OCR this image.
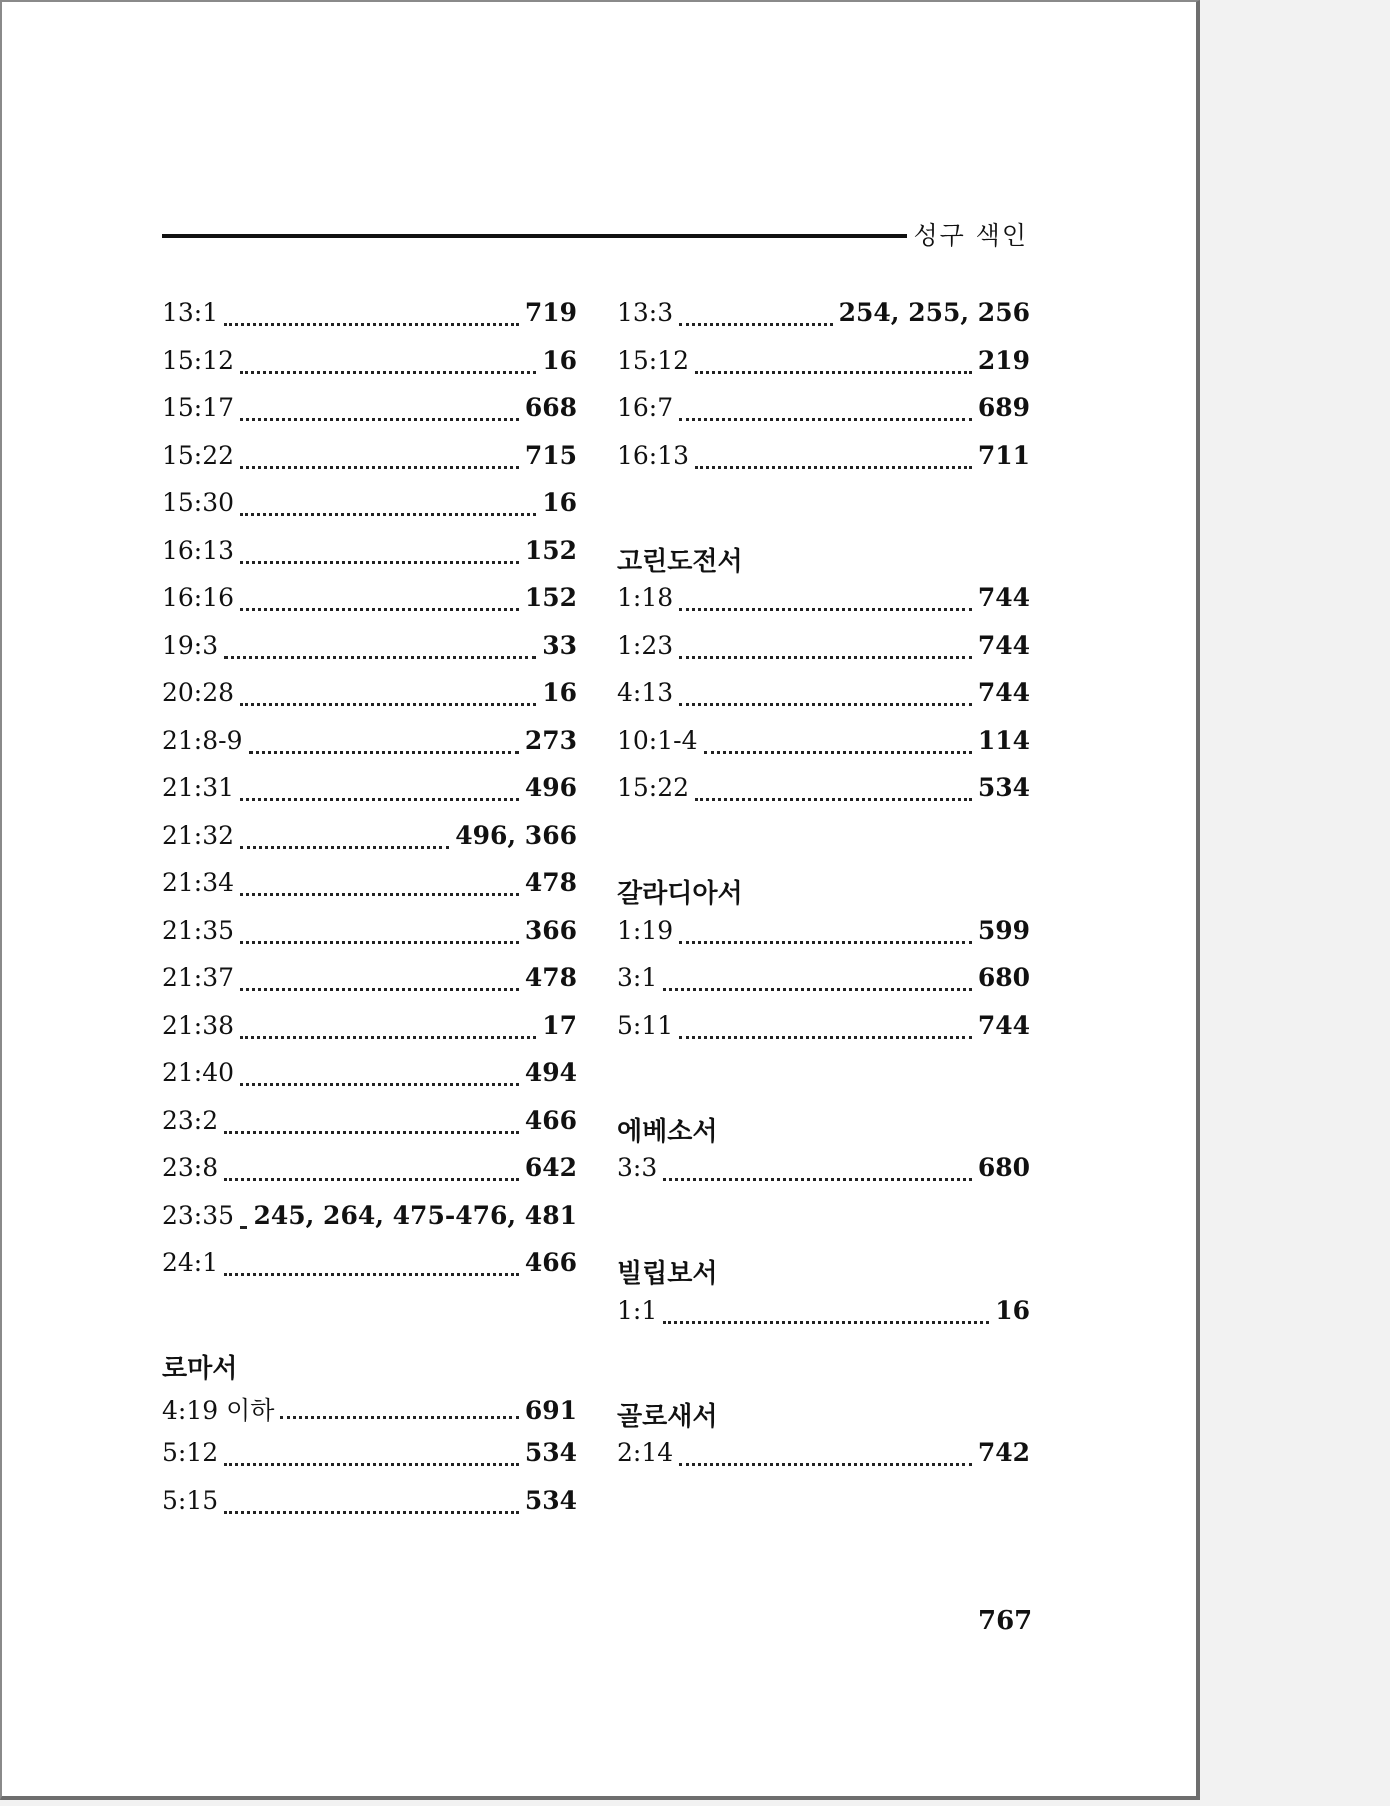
성구 색인
13:1	719
15:12	16
15:17	668
15:22	715
15:30	16
16:13	152
16:16	152
19:3	33
20:28	16
21:8-9	273
21:31	496
21:32	496, 366
21:34	478
21:35	366
21:37	478
21:38	17
21:40	494
23:2	466
23:8	642
23:35 245, 264, 475-476, 481
24:1	466
로마서
4:19 이하	691
5:12	534
5:15	534
13:3	254, 255, 256
15:12	219
16:7	689
16:13	711
고린도전서
1:18	744
1:23	744
4:13	744
10:1-4	114
15:22	534
갈라디아서
1:19	599
3:1	680
5:11	744
에베소서
3:3	680
빌립보서
1:1	16
골로새서
2:14	742
767
